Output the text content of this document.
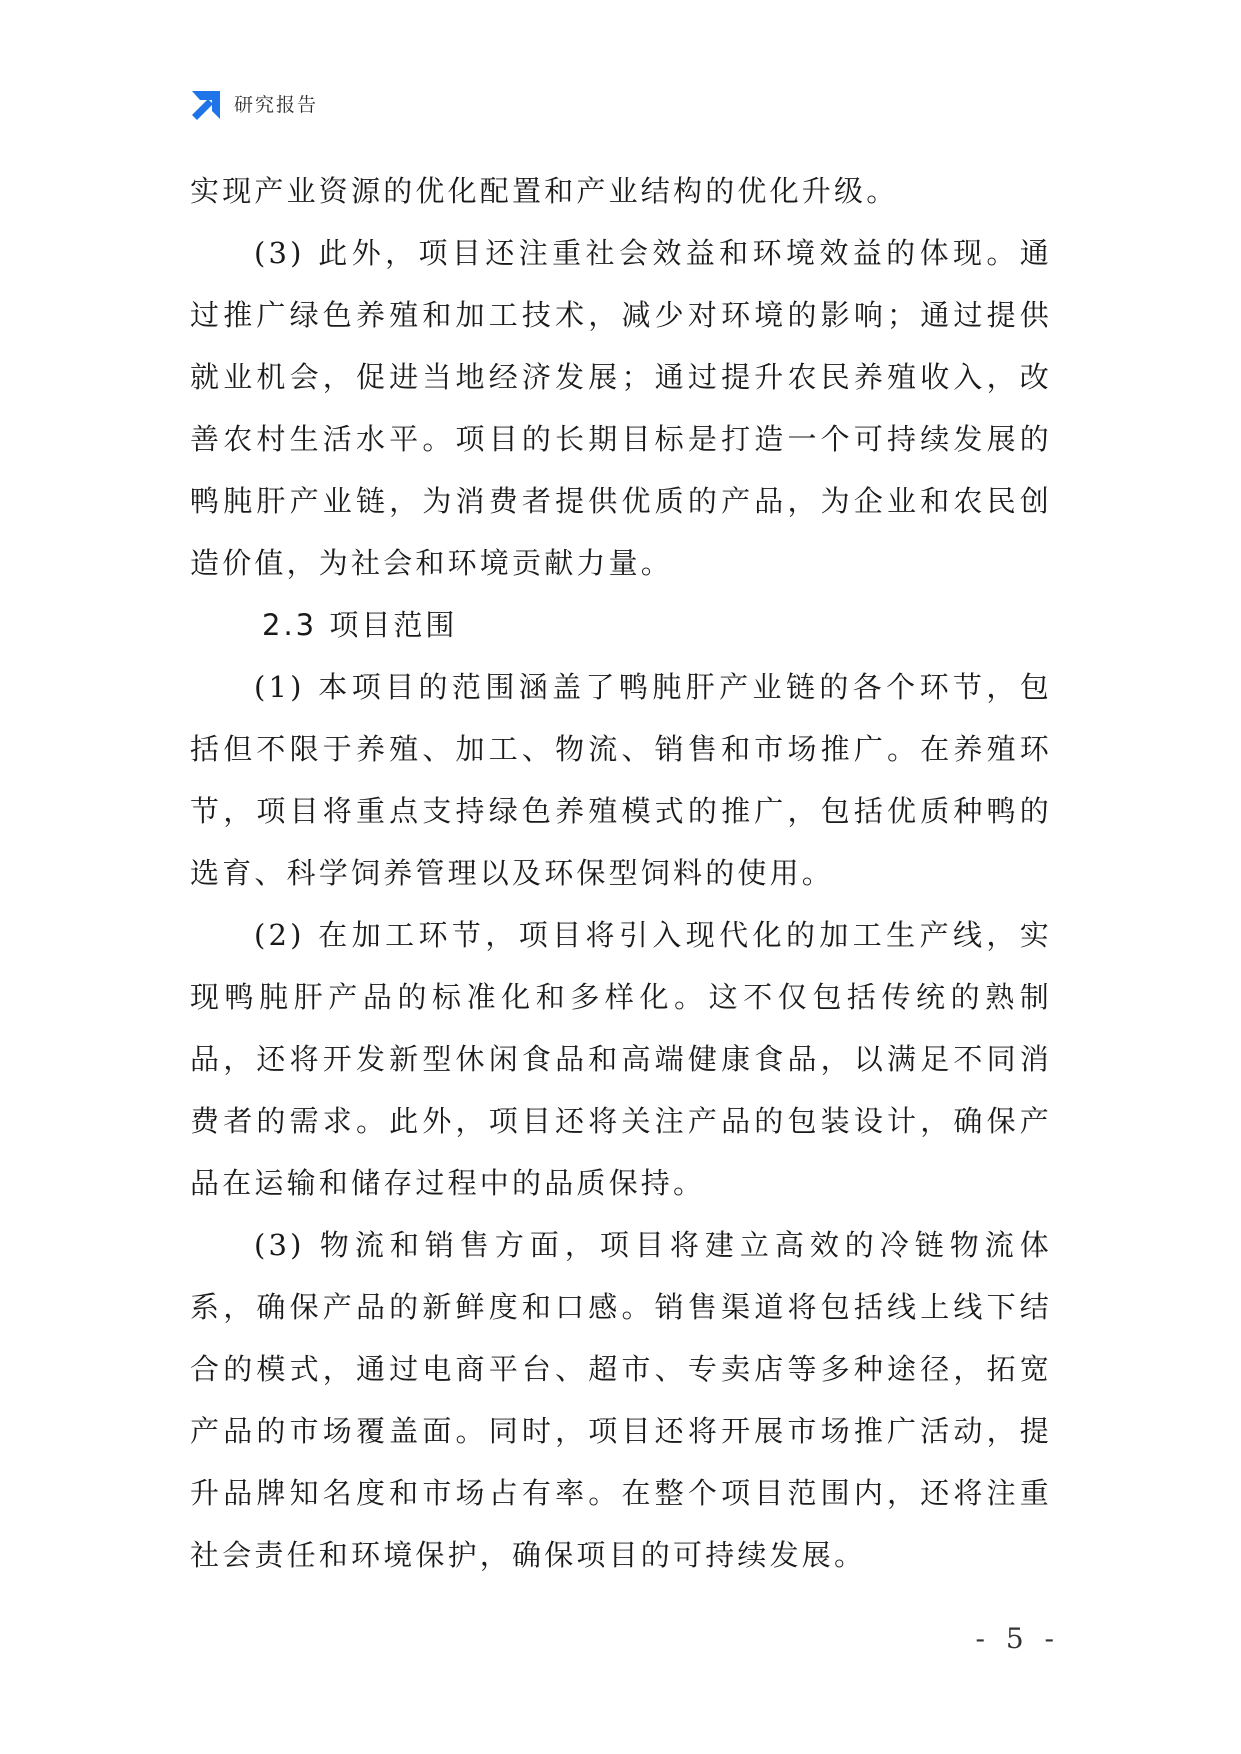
研究报告

实现产业资源的优化配置和产业结构的优化升级。

(3) 此外，项目还注重社会效益和环境效益的体现。通过推广绿色养殖和加工技术，减少对环境的影响；通过提供就业机会，促进当地经济发展；通过提升农民养殖收入，改善农村生活水平。项目的长期目标是打造一个可持续发展的鸭肫肝产业链，为消费者提供优质的产品，为企业和农民创造价值，为社会和环境贡献力量。

2.3 项目范围

(1) 本项目的范围涵盖了鸭肫肝产业链的各个环节，包括但不限于养殖、加工、物流、销售和市场推广。在养殖环节，项目将重点支持绿色养殖模式的推广，包括优质种鸭的选育、科学饲养管理以及环保型饲料的使用。

(2) 在加工环节，项目将引入现代化的加工生产线，实现鸭肫肝产品的标准化和多样化。这不仅包括传统的熟制品，还将开发新型休闲食品和高端健康食品，以满足不同消费者的需求。此外，项目还将关注产品的包装设计，确保产品在运输和储存过程中的品质保持。

(3) 物流和销售方面，项目将建立高效的冷链物流体系，确保产品的新鲜度和口感。销售渠道将包括线上线下结合的模式，通过电商平台、超市、专卖店等多种途径，拓宽产品的市场覆盖面。同时，项目还将开展市场推广活动，提升品牌知名度和市场占有率。在整个项目范围内，还将注重社会责任和环境保护，确保项目的可持续发展。

- 5 -
